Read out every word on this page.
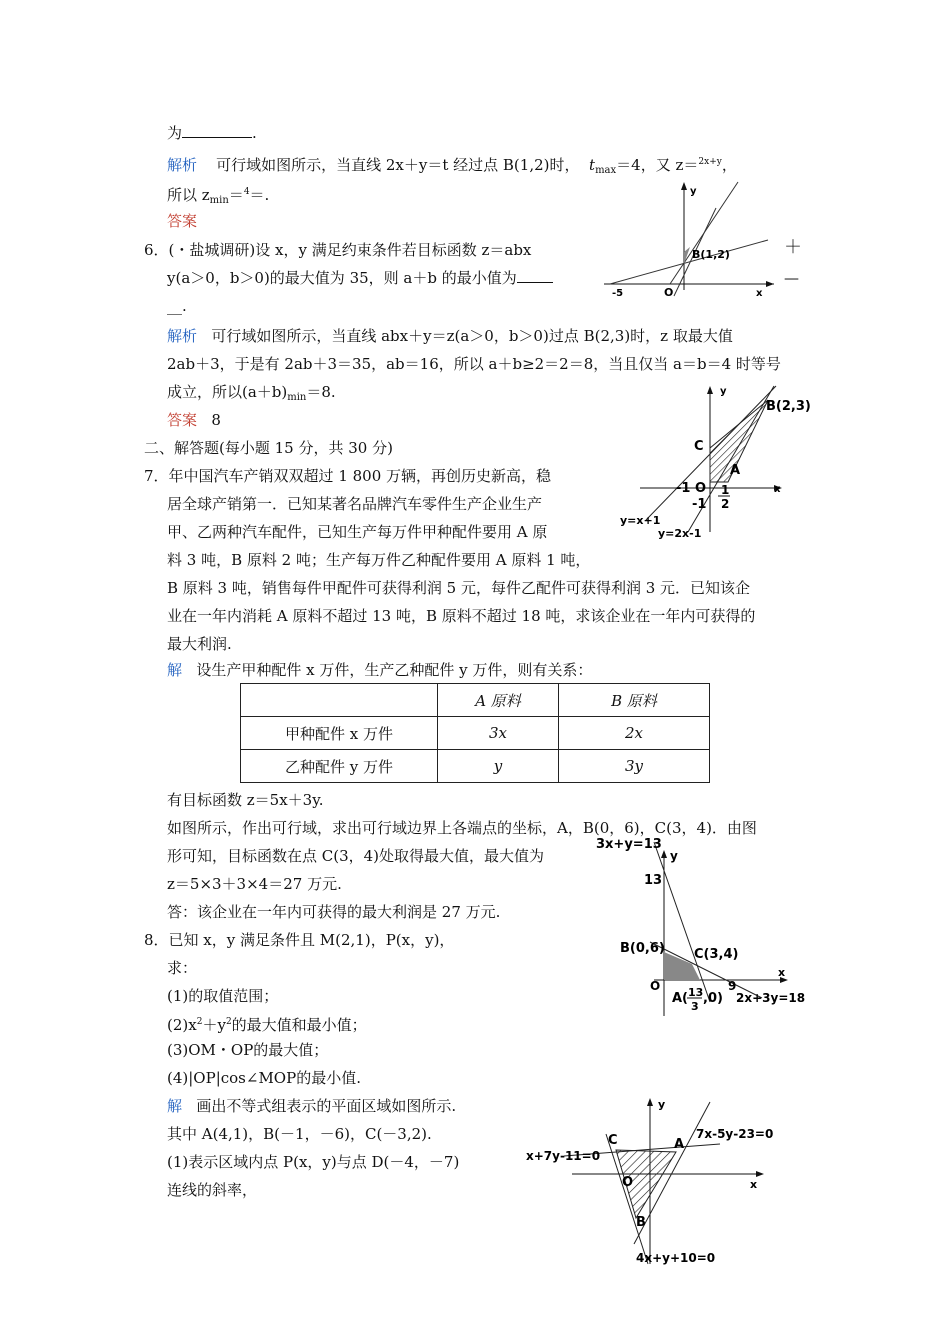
为	.
解析 可行域如图所示，当直线 2x＋y＝t 经过点 B(1,2)时， $t_{max}=4$，又 z＝$^{2x+y}$，
所以 $z_{min}=^4=$.
答案
6．(・盐城调研)设 x，y 满足约束条件若目标函数 z＝abx	＋
y(a＞0，b＞0)的最大值为 35，则 a＋b 的最小值为	—
__.
B(1,2)
y
x
O
-5
解析 可行域如图所示，当直线 abx＋y＝z(a＞0，b＞0)过点 B(2,3)时，z 取最大值
2ab＋3，于是有 2ab＋3＝35，ab＝16，所以 a＋b≥2＝2＝8，当且仅当 a＝b＝4 时等号
成立，所以$(a+b)_{min}=8$.
答案 8
二、解答题(每小题 15 分，共 30 分)
y
B(2,3)
C
A
-1 O
-1
1
2
x
y=x+1
y=2x-1
7．年中国汽车产销双双超过 1 800 万辆，再创历史新高，稳
居全球产销第一．已知某著名品牌汽车零件生产企业生产
甲、乙两种汽车配件，已知生产每万件甲种配件要用 A 原
料 3 吨，B 原料 2 吨；生产每万件乙种配件要用 A 原料 1 吨，
B 原料 3 吨，销售每件甲配件可获得利润 5 元，每件乙配件可获得利润 3 元．已知该企
业在一年内消耗 A 原料不超过 13 吨，B 原料不超过 18 吨，求该企业在一年内可获得的
最大利润.
解 设生产甲种配件 x 万件，生产乙种配件 y 万件，则有关系：
	A 原料	B 原料
甲种配件 x 万件	3x	2x
乙种配件 y 万件	y	3y
有目标函数 z＝5x＋3y.
如图所示，作出可行域，求出可行域边界上各端点的坐标，A，B(0，6)，C(3，4)．由图
形可知，目标函数在点 C(3，4)处取得最大值，最大值为
z＝5×3＋3×4＝27 万元.
答：该企业在一年内可获得的最大利润是 27 万元.
3x+y=13
y
13
B(0,6) C(3,4)
x
O
A( 13
3
,0)
9
2x+3y=18
8．已知 x，y 满足条件且 M(2,1)，P(x，y)，
求：
(1)的取值范围；
$(2)x^2+y^2$的最大值和最小值；
(3)OM・OP的最大值；
(4)|OP|cos∠MOP的最小值.
解 画出不等式组表示的平面区域如图所示.
其中 A(4,1)，B(－1，－6)，C(－3,2).
(1)表示区域内点 P(x，y)与点 D(－4，－7)
连线的斜率，
y
x
C	A
O
B
7x-5y-23=0
x+7y-11=0
4x+y+10=0
